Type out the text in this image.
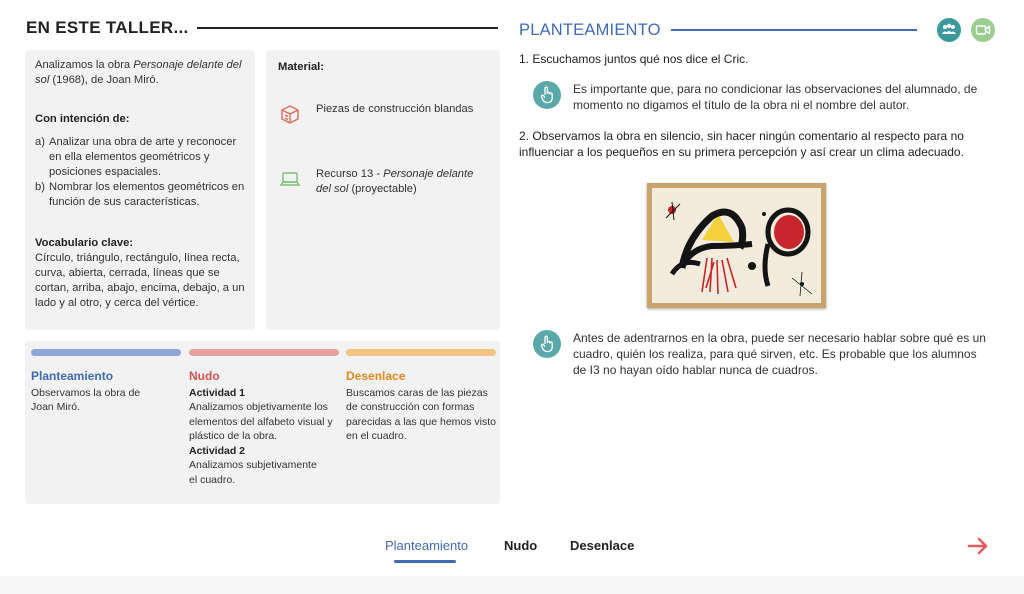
EN ESTE TALLER...

Analizamos la obra Personaje delante del sol (1968), de Joan Miró.

Con intención de:

a) Analizar una obra de arte y reconocer en ella elementos geométricos y posiciones espaciales.
b) Nombrar los elementos geométricos en función de sus características.

Vocabulario clave:

Círculo, triángulo, rectángulo, línea recta, curva, abierta, cerrada, líneas que se cortan, arriba, abajo, encima, debajo, a un lado y al otro, y cerca del vértice.

Material:

Piezas de construcción blandas
Recurso 13 - Personaje delante del sol (proyectable)
Planteamiento
Observamos la obra de Joan Miró.
Nudo
Actividad 1
Analizamos objetivamente los elementos del alfabeto visual y plástico de la obra.
Actividad 2
Analizamos subjetivamente el cuadro.
Desenlace
Buscamos caras de las piezas de construcción con formas parecidas a las que hemos visto en el cuadro.
PLANTEAMIENTO
1. Escuchamos juntos qué nos dice el Cric.
Es importante que, para no condicionar las observaciones del alumnado, de momento no digamos el título de la obra ni el nombre del autor.
2. Observamos la obra en silencio, sin hacer ningún comentario al respecto para no influenciar a los pequeños en su primera percepción y así crear un clima adecuado.
Antes de adentrarnos en la obra, puede ser necesario hablar sobre qué es un cuadro, quién los realiza, para qué sirven, etc. Es probable que los alumnos de I3 no hayan oído hablar nunca de cuadros.
Planteamiento	Nudo	Desenlace
